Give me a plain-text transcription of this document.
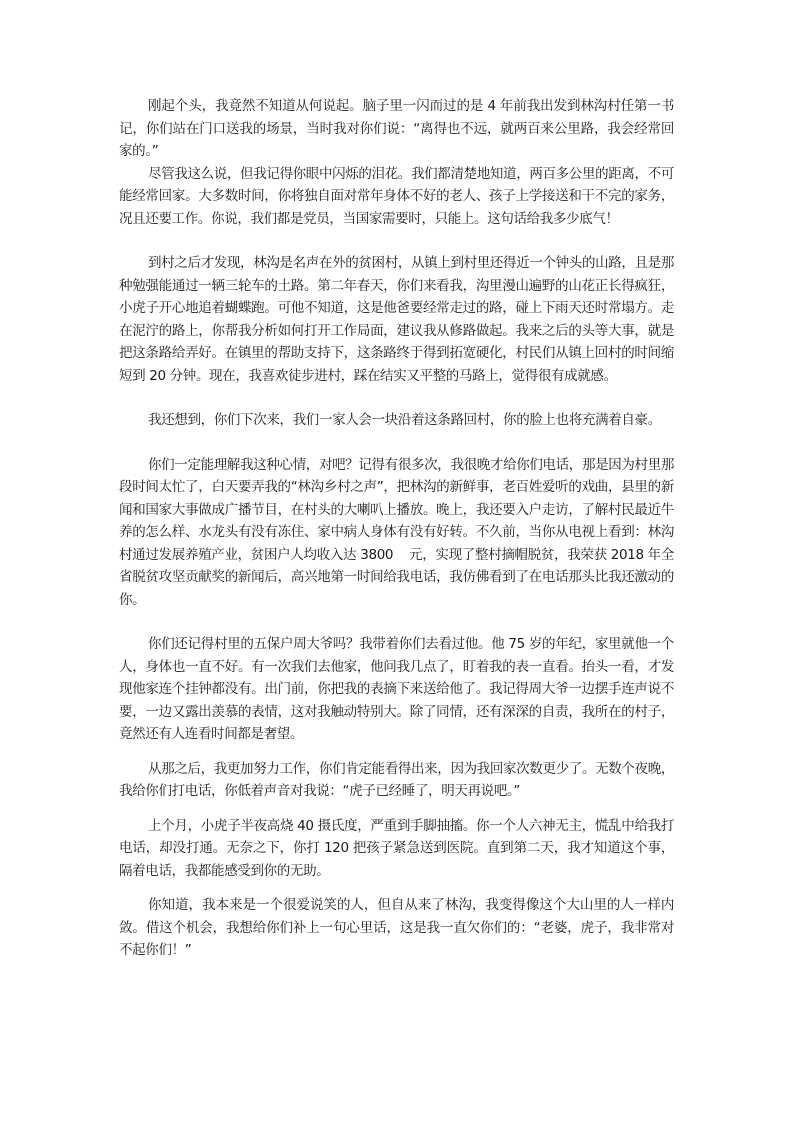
刚起个头，我竟然不知道从何说起。脑子里一闪而过的是 4 年前我出发到林沟村任第一书记，你们站在门口送我的场景，当时我对你们说：“离得也不远，就两百来公里路，我会经常回家的。”

尽管我这么说，但我记得你眼中闪烁的泪花。我们都清楚地知道，两百多公里的距离，不可能经常回家。大多数时间，你将独自面对常年身体不好的老人、孩子上学接送和干不完的家务，况且还要工作。你说，我们都是党员，当国家需要时，只能上。这句话给我多少底气！

到村之后才发现，林沟是名声在外的贫困村，从镇上到村里还得近一个钟头的山路，且是那种勉强能通过一辆三轮车的土路。第二年春天，你们来看我，沟里漫山遍野的山花正长得疯狂，小虎子开心地追着蝴蝶跑。可他不知道，这是他爸要经常走过的路，碰上下雨天还时常塌方。走在泥泞的路上，你帮我分析如何打开工作局面，建议我从修路做起。我来之后的头等大事，就是把这条路给弄好。在镇里的帮助支持下，这条路终于得到拓宽硬化，村民们从镇上回村的时间缩短到 20 分钟。现在，我喜欢徒步进村，踩在结实又平整的马路上，觉得很有成就感。

我还想到，你们下次来，我们一家人会一块沿着这条路回村，你的脸上也将充满着自豪。

你们一定能理解我这种心情，对吧？记得有很多次，我很晚才给你们电话，那是因为村里那段时间太忙了，白天要弄我的“林沟乡村之声”，把林沟的新鲜事，老百姓爱听的戏曲，县里的新闻和国家大事做成广播节目，在村头的大喇叭上播放。晚上，我还要入户走访，了解村民最近牛养的怎么样、水龙头有没有冻住、家中病人身体有没有好转。不久前，当你从电视上看到：林沟村通过发展养殖产业，贫困户人均收入达 3800    元，实现了整村摘帽脱贫，我荣获 2018 年全省脱贫攻坚贡献奖的新闻后，高兴地第一时间给我电话，我仿佛看到了在电话那头比我还激动的你。

你们还记得村里的五保户周大爷吗？我带着你们去看过他。他 75 岁的年纪，家里就他一个人，身体也一直不好。有一次我们去他家，他问我几点了，盯着我的表一直看。抬头一看，才发现他家连个挂钟都没有。出门前，你把我的表摘下来送给他了。我记得周大爷一边摆手连声说不要，一边又露出羡慕的表情，这对我触动特别大。除了同情，还有深深的自责，我所在的村子，竟然还有人连看时间都是奢望。

从那之后，我更加努力工作，你们肯定能看得出来，因为我回家次数更少了。无数个夜晚，我给你们打电话，你低着声音对我说：“虎子已经睡了，明天再说吧。”

上个月，小虎子半夜高烧 40 摄氏度，严重到手脚抽搐。你一个人六神无主，慌乱中给我打电话，却没打通。无奈之下，你打 120 把孩子紧急送到医院。直到第二天，我才知道这个事，隔着电话，我都能感受到你的无助。

你知道，我本来是一个很爱说笑的人，但自从来了林沟，我变得像这个大山里的人一样内敛。借这个机会，我想给你们补上一句心里话，这是我一直欠你们的：“老婆，虎子，我非常对不起你们！”
